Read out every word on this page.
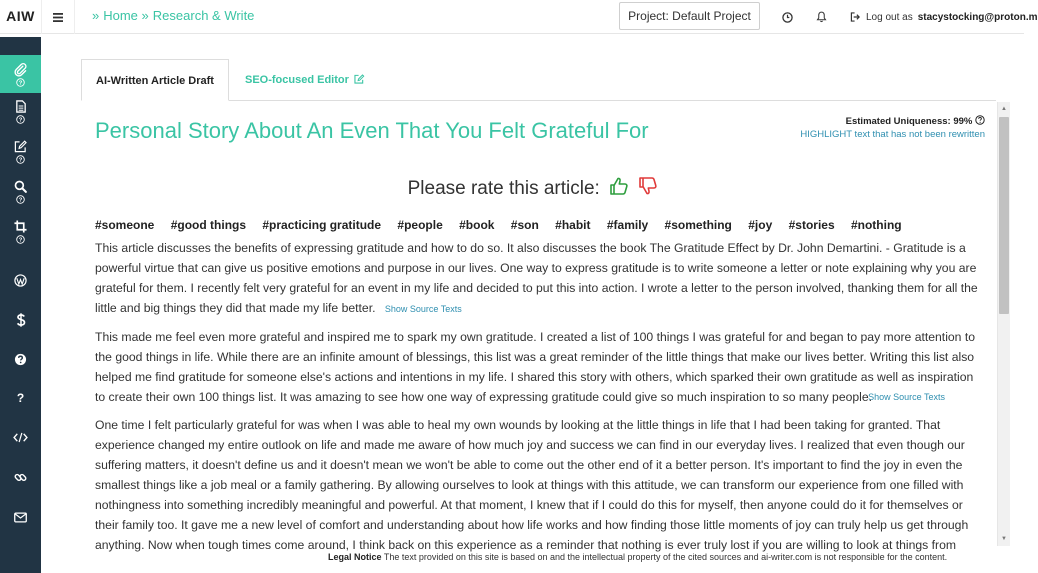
AIW	» Home » Research & Write	Project: Default Project	Log out as stacystocking@proton.m
?
?
?
?
?
?
AI-Written Article Draft	SEO-focused Editor
Personal Story About An Even That You Felt Grateful For	Estimated Uniqueness: 99%
HIGHLIGHT text that has not been rewritten
Please rate this article:
#someone #good things #practicing gratitude #people #book #son #habit #family #something #joy #stories #nothing

This article discusses the benefits of expressing gratitude and how to do so. It also discusses the book The Gratitude Effect by Dr. John Demartini. - Gratitude is a powerful virtue that can give us positive emotions and purpose in our lives. One way to express gratitude is to write someone a letter or note explaining why you are grateful for them. I recently felt very grateful for an event in my life and decided to put this into action. I wrote a letter to the person involved, thanking them for all the little and big things they did that made my life better. Show Source Texts

This made me feel even more grateful and inspired me to spark my own gratitude. I created a list of 100 things I was grateful for and began to pay more attention to the good things in life. While there are an infinite amount of blessings, this list was a great reminder of the little things that make our lives better. Writing this list also helped me find gratitude for someone else's actions and intentions in my life. I shared this story with others, which sparked their own gratitude as well as inspiration to create their own 100 things list. It was amazing to see how one way of expressing gratitude could give so much inspiration to so many people.
Show Source Texts

One time I felt particularly grateful for was when I was able to heal my own wounds by looking at the little things in life that I had been taking for granted. That experience changed my entire outlook on life and made me aware of how much joy and success we can find in our everyday lives. I realized that even though our suffering matters, it doesn't define us and it doesn't mean we won't be able to come out the other end of it a better person. It's important to find the joy in even the smallest things like a job meal or a family gathering. By allowing ourselves to look at things with this attitude, we can transform our experience from one filled with nothingness into something incredibly meaningful and powerful. At that moment, I knew that if I could do this for myself, then anyone could do it for themselves or their family too. It gave me a new level of comfort and understanding about how life works and how finding those little moments of joy can truly help us get through anything. Now when tough times come around, I think back on this experience as a reminder that nothing is ever truly lost if you are willing to look at things from

▲
▼
Legal Notice The text provided on this site is based on and the intellectual property of the cited sources and ai-writer.com is not responsible for the content.
